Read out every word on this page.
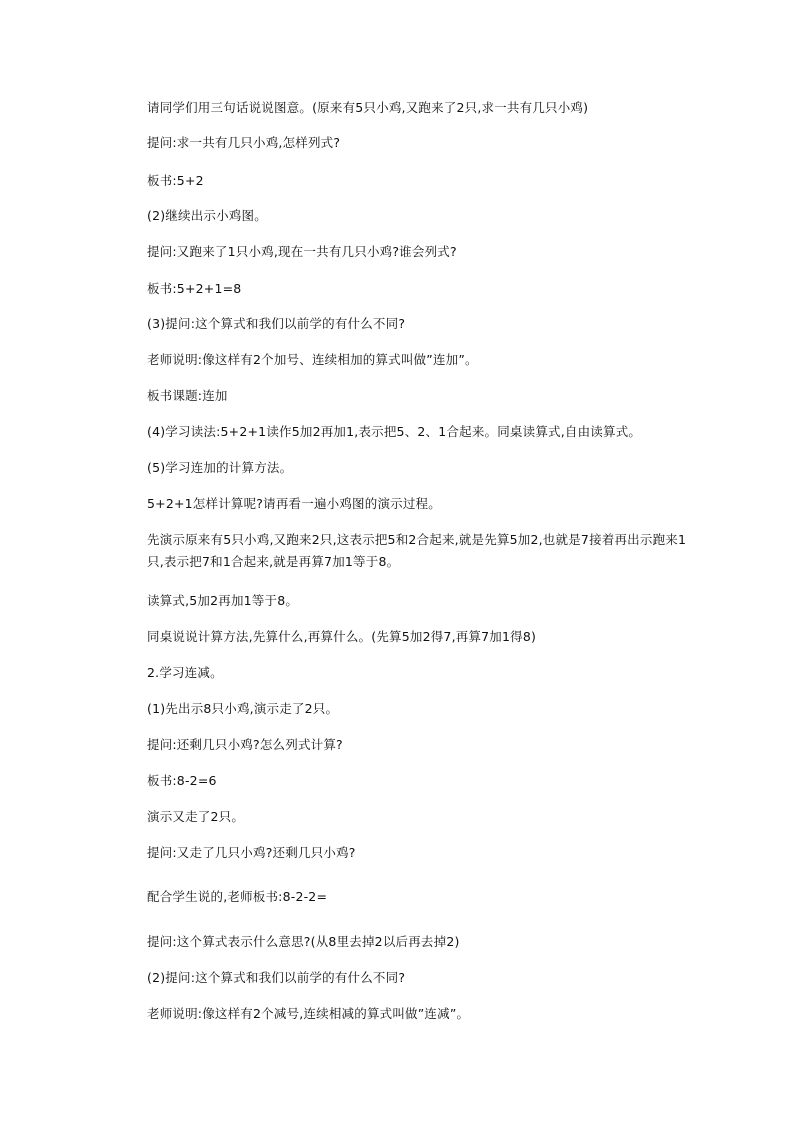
请同学们用三句话说说图意。(原来有5只小鸡,又跑来了2只,求一共有几只小鸡)
提问:求一共有几只小鸡,怎样列式?
板书:5+2
(2)继续出示小鸡图。
提问:又跑来了1只小鸡,现在一共有几只小鸡?谁会列式?
板书:5+2+1=8
(3)提问:这个算式和我们以前学的有什么不同?
老师说明:像这样有2个加号、连续相加的算式叫做”连加”。
板书课题:连加
(4)学习读法:5+2+1读作5加2再加1,表示把5、2、1合起来。同桌读算式,自由读算式。
(5)学习连加的计算方法。
5+2+1怎样计算呢?请再看一遍小鸡图的演示过程。
先演示原来有5只小鸡,又跑来2只,这表示把5和2合起来,就是先算5加2,也就是7接着再出示跑来1只,表示把7和1合起来,就是再算7加1等于8。
读算式,5加2再加1等于8。
同桌说说计算方法,先算什么,再算什么。(先算5加2得7,再算7加1得8)
2.学习连减。
(1)先出示8只小鸡,演示走了2只。
提问:还剩几只小鸡?怎么列式计算?
板书:8-2=6
演示又走了2只。
提问:又走了几只小鸡?还剩几只小鸡?
配合学生说的,老师板书:8-2-2=
提问:这个算式表示什么意思?(从8里去掉2以后再去掉2)
(2)提问:这个算式和我们以前学的有什么不同?
老师说明:像这样有2个减号,连续相减的算式叫做”连减”。
